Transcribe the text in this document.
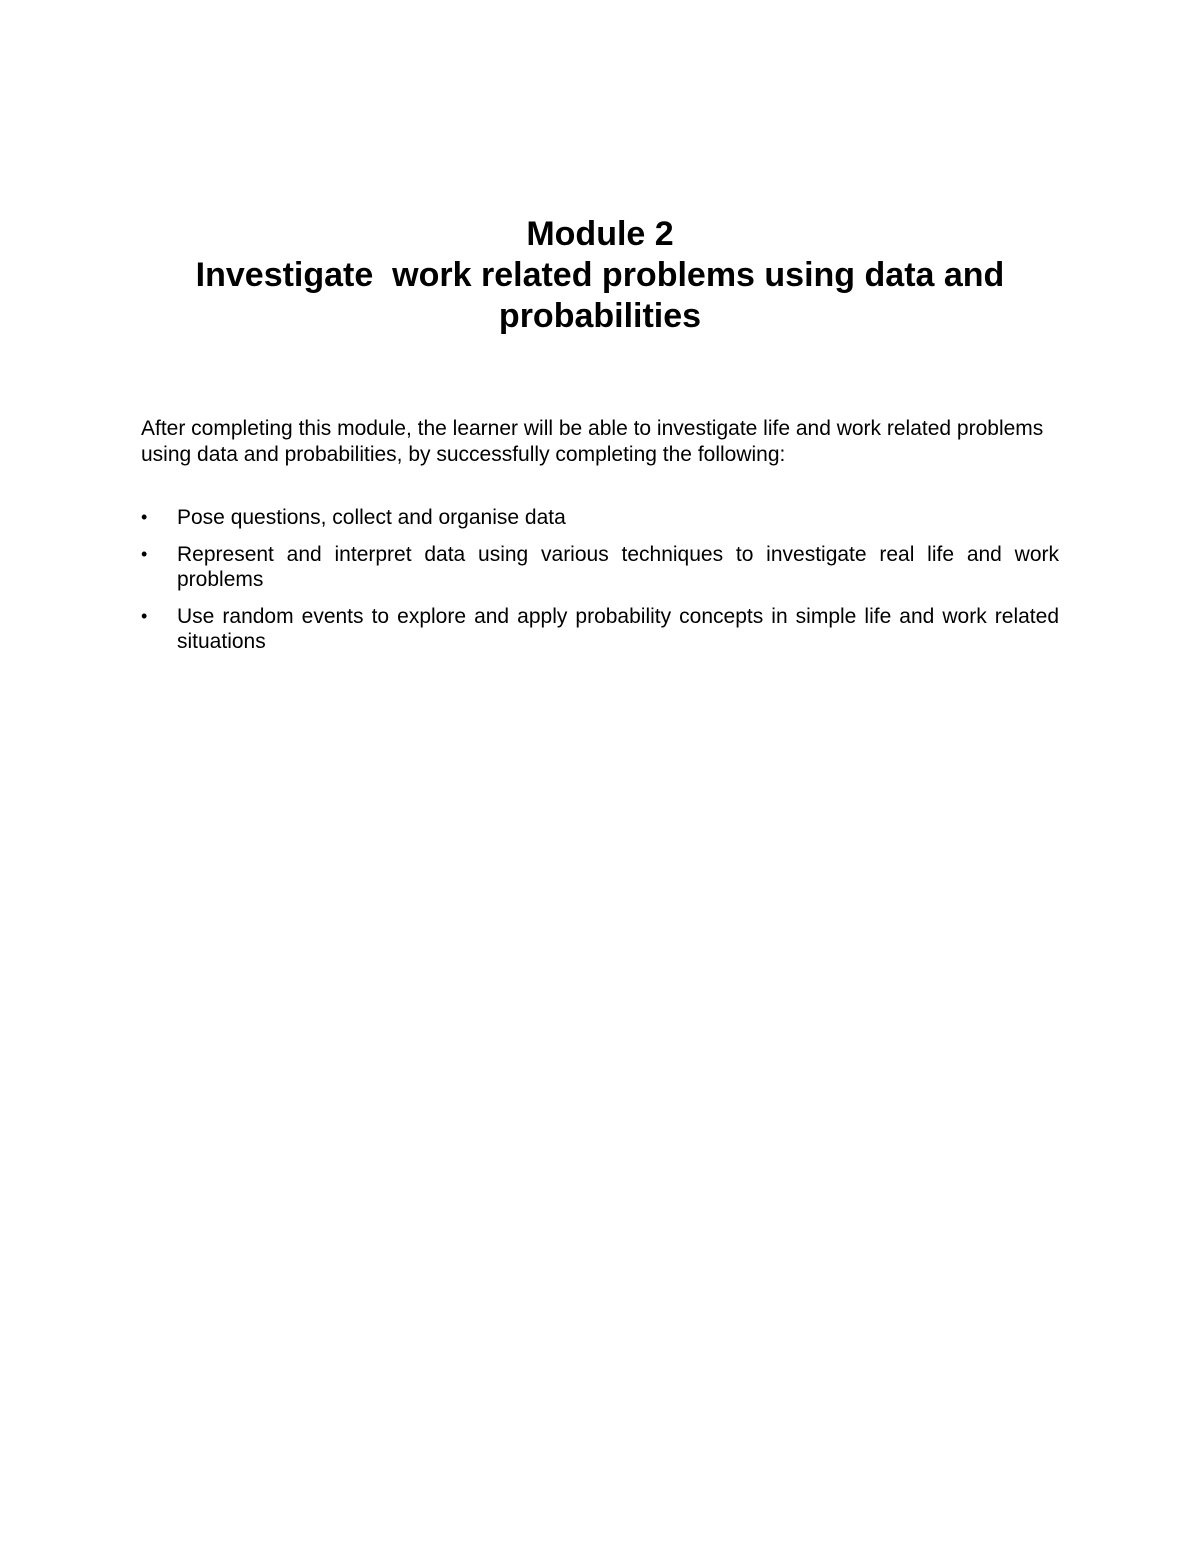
Module 2
Investigate  work related problems using data and probabilities

After completing this module, the learner will be able to investigate life and work related problems using data and probabilities, by successfully completing the following:

• Pose questions, collect and organise data
• Represent and interpret data using various techniques to investigate real life and work problems
• Use random events to explore and apply probability concepts in simple life and work related situations
